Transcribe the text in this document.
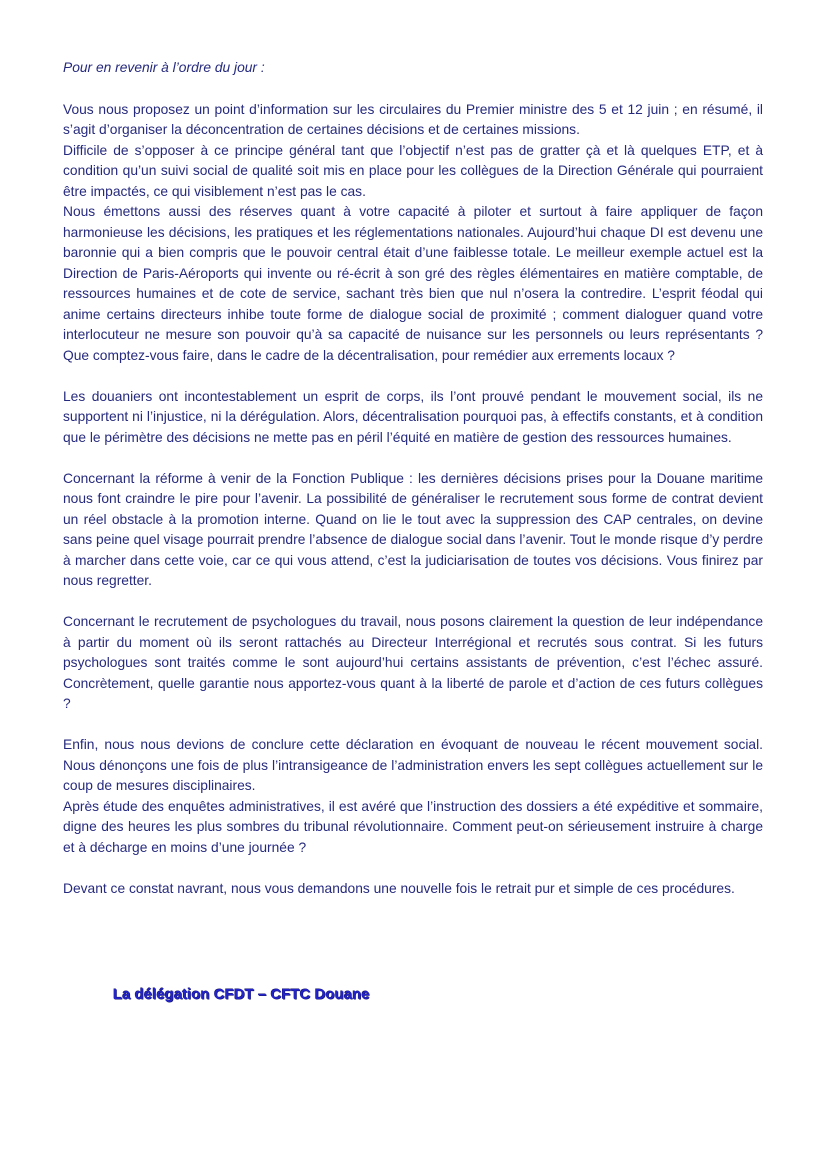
Pour en revenir à l’ordre du jour :

Vous nous proposez un point d’information sur les circulaires du Premier ministre des 5 et 12 juin ; en résumé, il s’agit d’organiser la déconcentration de certaines décisions et de certaines missions.

Difficile de s’opposer à ce principe général tant que l’objectif n’est pas de gratter çà et là quelques ETP, et à condition qu’un suivi social de qualité soit mis en place pour les collègues de la Direction Générale qui pourraient être impactés, ce qui visiblement n’est pas le cas.

Nous émettons aussi des réserves quant à votre capacité à piloter et surtout à faire appliquer de façon harmonieuse les décisions, les pratiques et les réglementations nationales. Aujourd’hui chaque DI est devenu une baronnie qui a bien compris que le pouvoir central était d’une faiblesse totale. Le meilleur exemple actuel est la Direction de Paris-Aéroports qui invente ou ré-écrit à son gré des règles élémentaires en matière comptable, de ressources humaines et de cote de service, sachant très bien que nul n’osera la contredire. L’esprit féodal qui anime certains directeurs inhibe toute forme de dialogue social de proximité ; comment dialoguer quand votre interlocuteur ne mesure son pouvoir qu’à sa capacité de nuisance sur les personnels ou leurs représentants ? Que comptez-vous faire, dans le cadre de la décentralisation, pour remédier aux errements locaux ?

Les douaniers ont incontestablement un esprit de corps, ils l’ont prouvé pendant le mouvement social, ils ne supportent ni l’injustice, ni la dérégulation. Alors, décentralisation pourquoi pas, à effectifs constants, et à condition que le périmètre des décisions ne mette pas en péril l’équité en matière de gestion des ressources humaines.

Concernant la réforme à venir de la Fonction Publique : les dernières décisions prises pour la Douane maritime nous font craindre le pire pour l’avenir. La possibilité de généraliser le recrutement sous forme de contrat devient un réel obstacle à la promotion interne. Quand on lie le tout avec la suppression des CAP centrales, on devine sans peine quel visage pourrait prendre l’absence de dialogue social dans l’avenir. Tout le monde risque d’y perdre à marcher dans cette voie, car ce qui vous attend, c’est la judiciarisation de toutes vos décisions. Vous finirez par nous regretter.

Concernant le recrutement de psychologues du travail, nous posons clairement la question de leur indépendance à partir du moment où ils seront rattachés au Directeur Interrégional et recrutés sous contrat. Si les futurs psychologues sont traités comme le sont aujourd’hui certains assistants de prévention, c’est l’échec assuré. Concrètement, quelle garantie nous apportez-vous quant à la liberté de parole et d’action de ces futurs collègues ?

Enfin, nous nous devions de conclure cette déclaration en évoquant de nouveau le récent mouvement social. Nous dénonçons une fois de plus l’intransigeance de l’administration envers les sept collègues actuellement sur le coup de mesures disciplinaires.

Après étude des enquêtes administratives, il est avéré que l’instruction des dossiers a été expéditive et sommaire, digne des heures les plus sombres du tribunal révolutionnaire. Comment peut-on sérieusement instruire à charge et à décharge en moins d’une journée ?

Devant ce constat navrant, nous vous demandons une nouvelle fois le retrait pur et simple de ces procédures.

La délégation CFDT – CFTC Douane
